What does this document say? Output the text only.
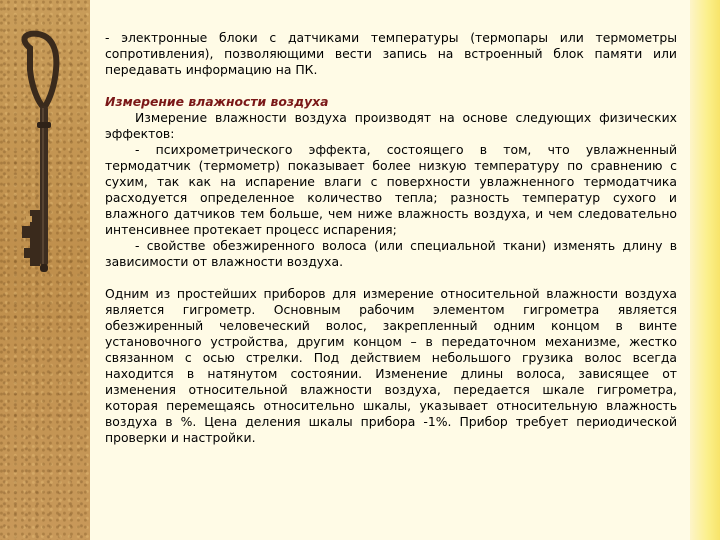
- электронные блоки с датчиками температуры (термопары или термометры сопротивления), позволяющими вести запись на встроенный блок памяти или передавать информацию на ПК.

Измерение влажности воздуха

Измерение влажности воздуха производят на основе следующих физических эффектов:

- психрометрического эффекта, состоящего в том, что увлажненный термодатчик (термометр) показывает более низкую температуру по сравнению с сухим, так как на испарение влаги с поверхности увлажненного термодатчика расходуется определенное количество тепла; разность температур сухого и влажного датчиков тем больше, чем ниже влажность воздуха, и чем следовательно интенсивнее протекает процесс испарения;

- свойстве обезжиренного волоса (или специальной ткани) изменять длину в зависимости от влажности воздуха.

Одним из простейших приборов для измерение относительной влажности воздуха является гигрометр. Основным рабочим элементом гигрометра является обезжиренный человеческий волос, закрепленный одним концом в винте установочного устройства, другим концом – в передаточном механизме, жестко связанном с осью стрелки. Под действием небольшого грузика волос всегда находится в натянутом состоянии. Изменение длины волоса, зависящее от изменения относительной влажности воздуха, передается шкале гигрометра, которая перемещаясь относительно шкалы, указывает относительную влажность воздуха в %. Цена деления шкалы прибора -1%. Прибор требует периодической проверки и настройки.
